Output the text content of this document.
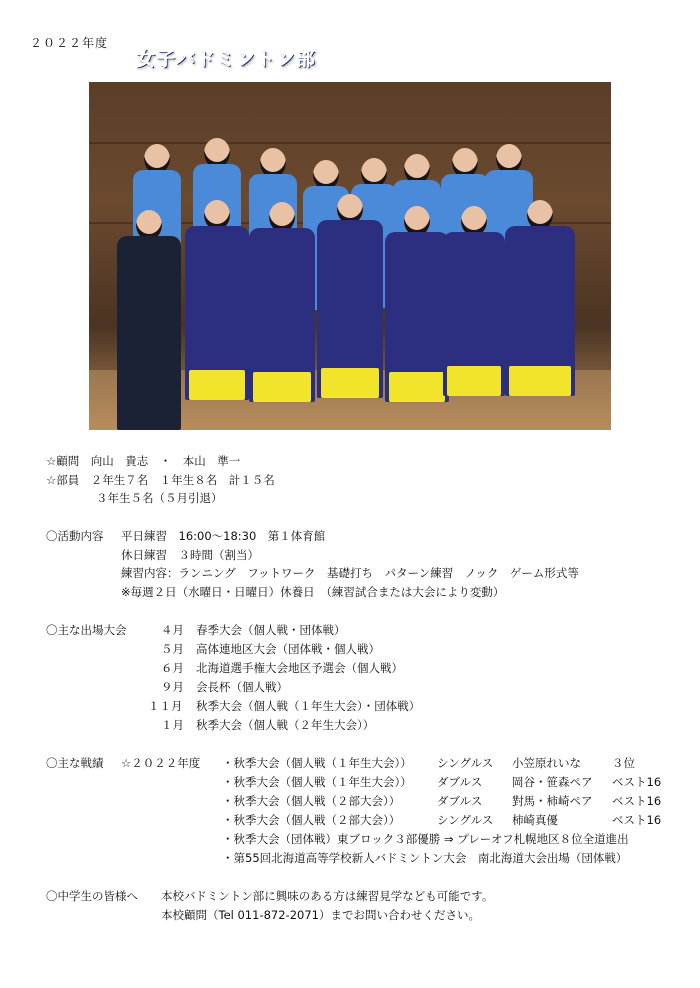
２０２２年度
女子バドミントン部
☆顧問　向山　貴志　・　本山　準一
☆部員　２年生７名　１年生８名　計１５名
３年生５名（５月引退）
〇活動内容 平日練習　16:00～18:30　第１体育館
休日練習　３時間（割当）
練習内容：ランニング　フットワーク　基礎打ち　パターン練習　ノック　ゲーム形式等
※毎週２日（水曜日・日曜日）休養日　（練習試合または大会により変動）
〇主な出場大会	４月 春季大会（個人戦・団体戦）
５月 高体連地区大会（団体戦・個人戦）
６月 北海道選手権大会地区予選会（個人戦）
９月 会長杯（個人戦）
１１月 秋季大会（個人戦（１年生大会）・団体戦）
１月 秋季大会（個人戦（２年生大会））
〇主な戦績 ☆２０２２年度 ・秋季大会（個人戦（１年生大会）） シングルス 小笠原れいな	３位
・秋季大会（個人戦（１年生大会）） ダブルス	岡谷・笹森ペア ベスト16
・秋季大会（個人戦（２部大会））	ダブルス	對馬・柿崎ペア ベスト16
・秋季大会（個人戦（２部大会））	シングルス 柿崎真優	ベスト16
・秋季大会（団体戦）東ブロック３部優勝 ⇒ プレーオフ札幌地区８位全道進出
・第55回北海道高等学校新人バドミントン大会　南北海道大会出場（団体戦）
〇中学生の皆様へ 本校バドミントン部に興味のある方は練習見学なども可能です。
本校顧問（Tel 011-872-2071）までお問い合わせください。
